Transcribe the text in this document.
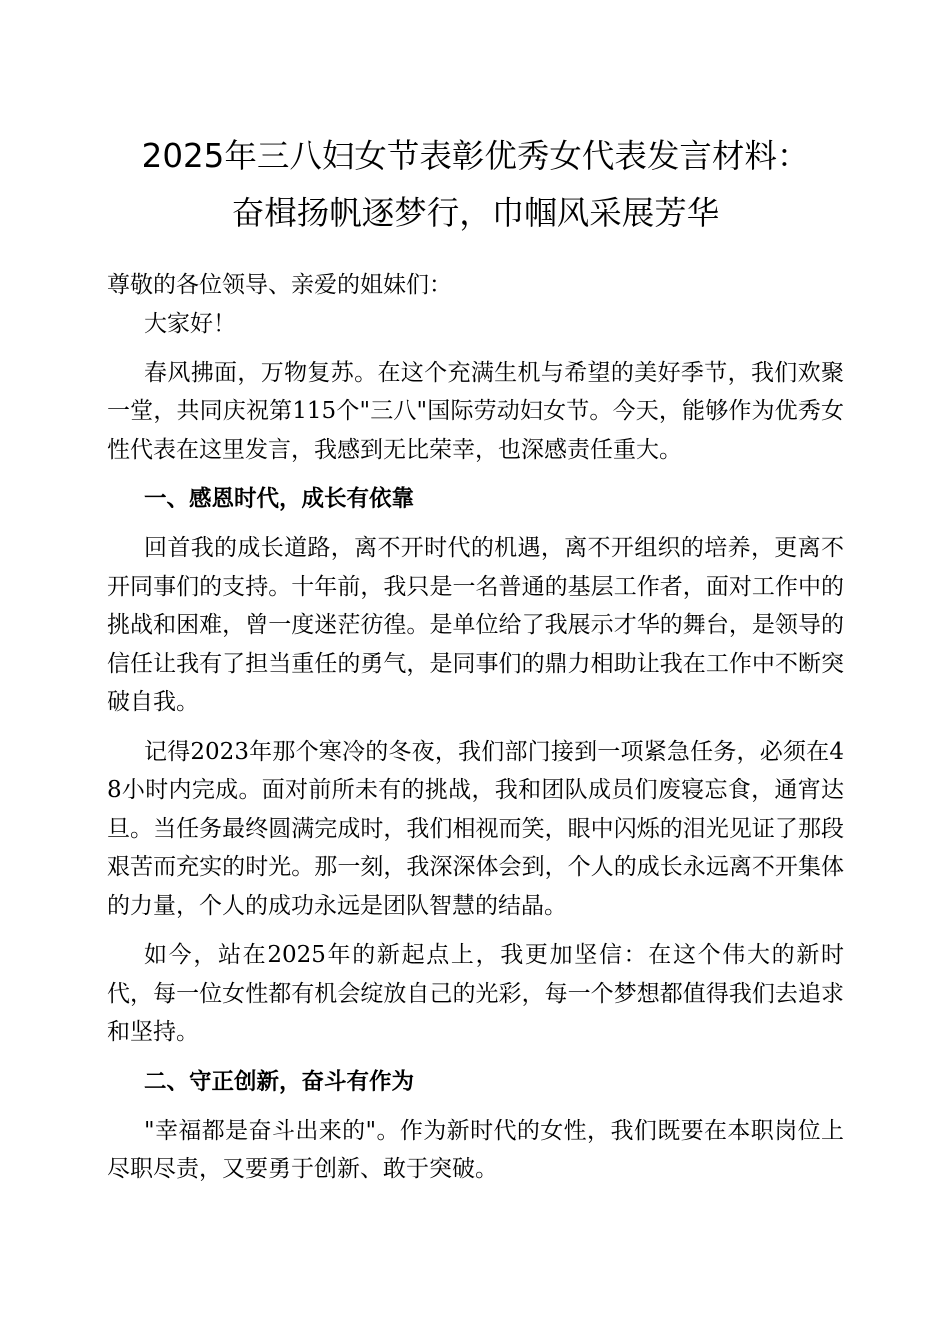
2025年三八妇女节表彰优秀女代表发言材料：
奋楫扬帆逐梦行，巾帼风采展芳华

尊敬的各位领导、亲爱的姐妹们：

大家好！

春风拂面，万物复苏。在这个充满生机与希望的美好季节，我们欢聚一堂，共同庆祝第115个"三八"国际劳动妇女节。今天，能够作为优秀女性代表在这里发言，我感到无比荣幸，也深感责任重大。

一、感恩时代，成长有依靠

回首我的成长道路，离不开时代的机遇，离不开组织的培养，更离不开同事们的支持。十年前，我只是一名普通的基层工作者，面对工作中的挑战和困难，曾一度迷茫彷徨。是单位给了我展示才华的舞台，是领导的信任让我有了担当重任的勇气，是同事们的鼎力相助让我在工作中不断突破自我。

记得2023年那个寒冷的冬夜，我们部门接到一项紧急任务，必须在48小时内完成。面对前所未有的挑战，我和团队成员们废寝忘食，通宵达旦。当任务最终圆满完成时，我们相视而笑，眼中闪烁的泪光见证了那段艰苦而充实的时光。那一刻，我深深体会到，个人的成长永远离不开集体的力量，个人的成功永远是团队智慧的结晶。

如今，站在2025年的新起点上，我更加坚信：在这个伟大的新时代，每一位女性都有机会绽放自己的光彩，每一个梦想都值得我们去追求和坚持。

二、守正创新，奋斗有作为

"幸福都是奋斗出来的"。作为新时代的女性，我们既要在本职岗位上尽职尽责，又要勇于创新、敢于突破。
